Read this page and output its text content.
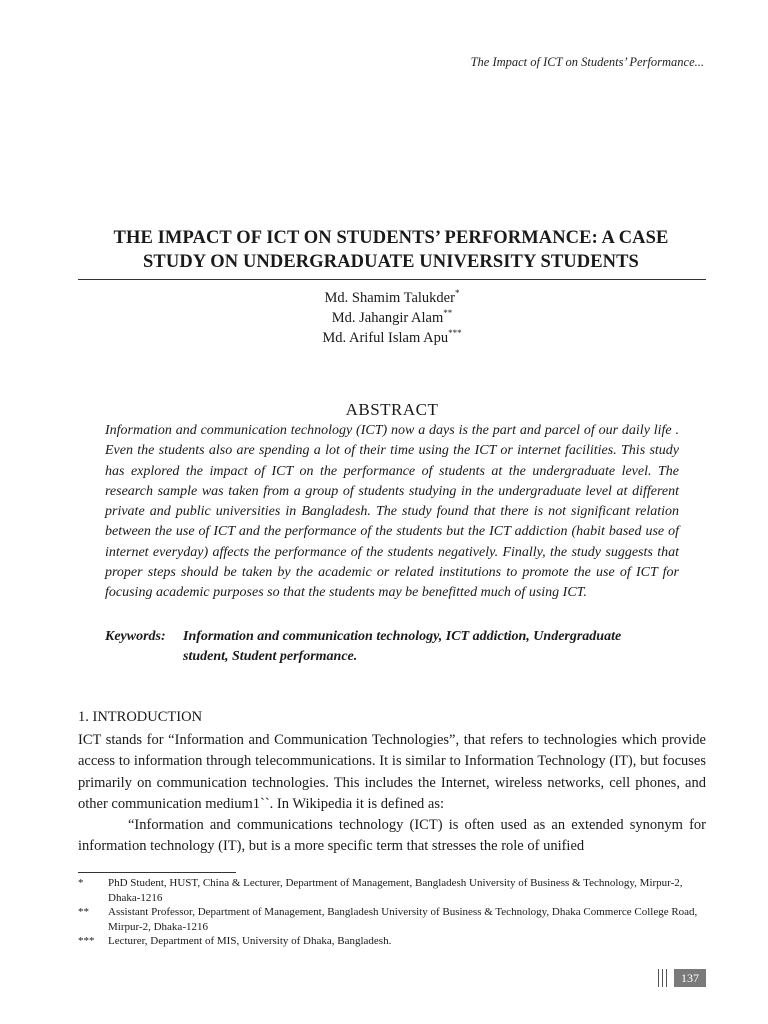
The Impact of ICT on Students’ Performance...
THE IMPACT OF ICT ON STUDENTS’ PERFORMANCE: A CASE
STUDY ON UNDERGRADUATE UNIVERSITY STUDENTS
Md. Shamim Talukder*
Md. Jahangir Alam**
Md. Ariful Islam Apu***
ABSTRACT
Information and communication technology (ICT) now a days is the part and parcel of our daily life . Even the students also are spending a lot of their time using the ICT or internet facilities. This study has explored the impact of ICT on the performance of students at the undergraduate level. The research sample was taken from a group of students studying in the undergraduate level at different private and public universities in Bangladesh. The study found that there is not significant relation between the use of ICT and the performance of the students but the ICT addiction (habit based use of internet everyday) affects the performance of the students negatively. Finally, the study suggests that proper steps should be taken by the academic or related institutions to promote the use of ICT for focusing academic purposes so that the students may be benefitted much of using ICT.
Keywords: Information and communication technology, ICT addiction, Undergraduate
student, Student performance.
1. INTRODUCTION

ICT stands for “Information and Communication Technologies”, that refers to technologies which provide access to information through telecommunications. It is similar to Information Technology (IT), but focuses primarily on communication technologies. This includes the Internet, wireless networks, cell phones, and other communication medium1``. In Wikipedia it is defined as:

“Information and communications technology (ICT) is often used as an extended synonym for information technology (IT), but is a more specific term that stresses the role of unified

*	PhD Student, HUST, China & Lecturer, Department of Management, Bangladesh University of Business & Technology, Mirpur-2, Dhaka-1216
**	Assistant Professor, Department of Management, Bangladesh University of Business & Technology, Dhaka Commerce College Road, Mirpur-2, Dhaka-1216
***	Lecturer, Department of MIS, University of Dhaka, Bangladesh.
137
